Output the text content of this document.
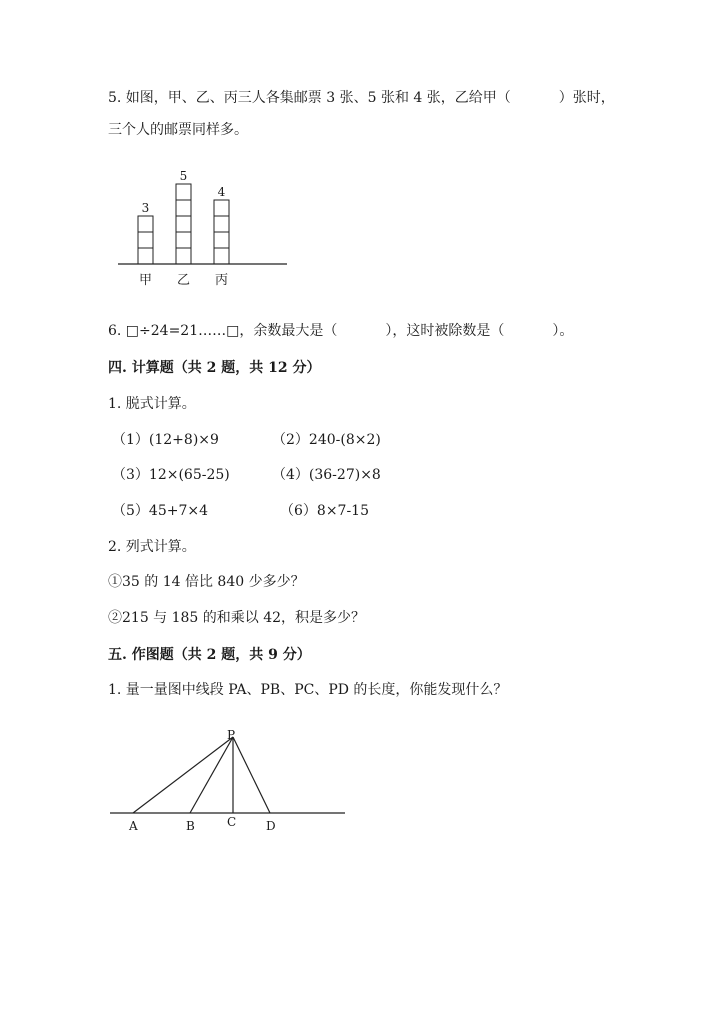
5. 如图，甲、乙、丙三人各集邮票 3 张、5 张和 4 张，乙给甲（	）张时，
三个人的邮票同样多。
3
甲
5
乙
4
丙
6. □÷24=21……□，余数最大是（	），这时被除数是（	）。
四. 计算题（共 2 题，共 12 分）
1. 脱式计算。
（1）(12+8)×9	（2）240-(8×2)
（3）12×(65-25)	（4）(36-27)×8
（5）45+7×4	（6）8×7-15
2. 列式计算。
①35 的 14 倍比 840 少多少？
②215 与 185 的和乘以 42，积是多少？
五. 作图题（共 2 题，共 9 分）
1. 量一量图中线段 PA、PB、PC、PD 的长度，你能发现什么？
P
A	B	C D
